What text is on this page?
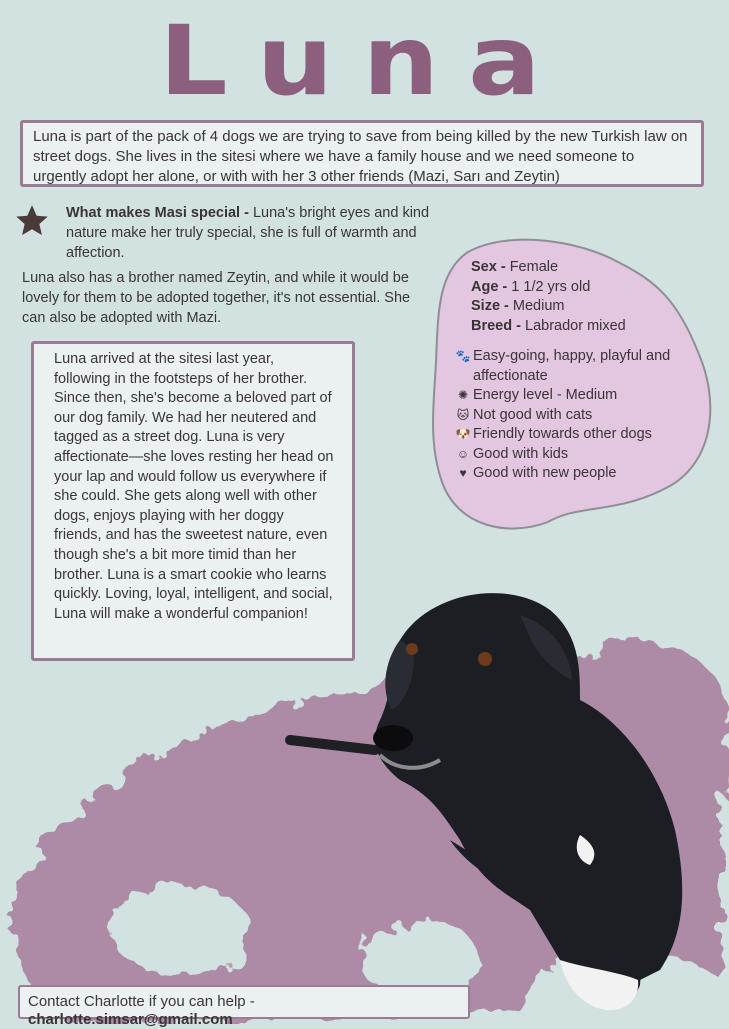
Luna
Luna is part of the pack of 4 dogs we are trying to save from being killed by the new Turkish law on street dogs. She lives in the sitesi where we have a family house and we need someone to urgently adopt her alone, or with with her 3 other friends (Mazi, Sarı and Zeytin)
What makes Masi special - Luna's bright eyes and kind nature make her truly special, she is full of warmth and affection.
Luna also has a brother named Zeytin, and while it would be lovely for them to be adopted together, it's not essential. She can also be adopted with Mazi.
Luna arrived at the sitesi last year, following in the footsteps of her brother. Since then, she's become a beloved part of our dog family. We had her neutered and tagged as a street dog. Luna is very affectionate—she loves resting her head on your lap and would follow us everywhere if she could. She gets along well with other dogs, enjoys playing with her doggy friends, and has the sweetest nature, even though she's a bit more timid than her brother. Luna is a smart cookie who learns quickly. Loving, loyal, intelligent, and social, Luna will make a wonderful companion!
Sex - Female
Age - 1 1/2 yrs old
Size - Medium
Breed - Labrador mixed
🐾 Easy-going, happy, playful and affectionate
✺ Energy level - Medium
🐱 Not good with cats
🐶 Friendly towards other dogs
☺ Good with kids
♥ Good with new people
Contact Charlotte if you can help - charlotte.simsar@gmail.com
